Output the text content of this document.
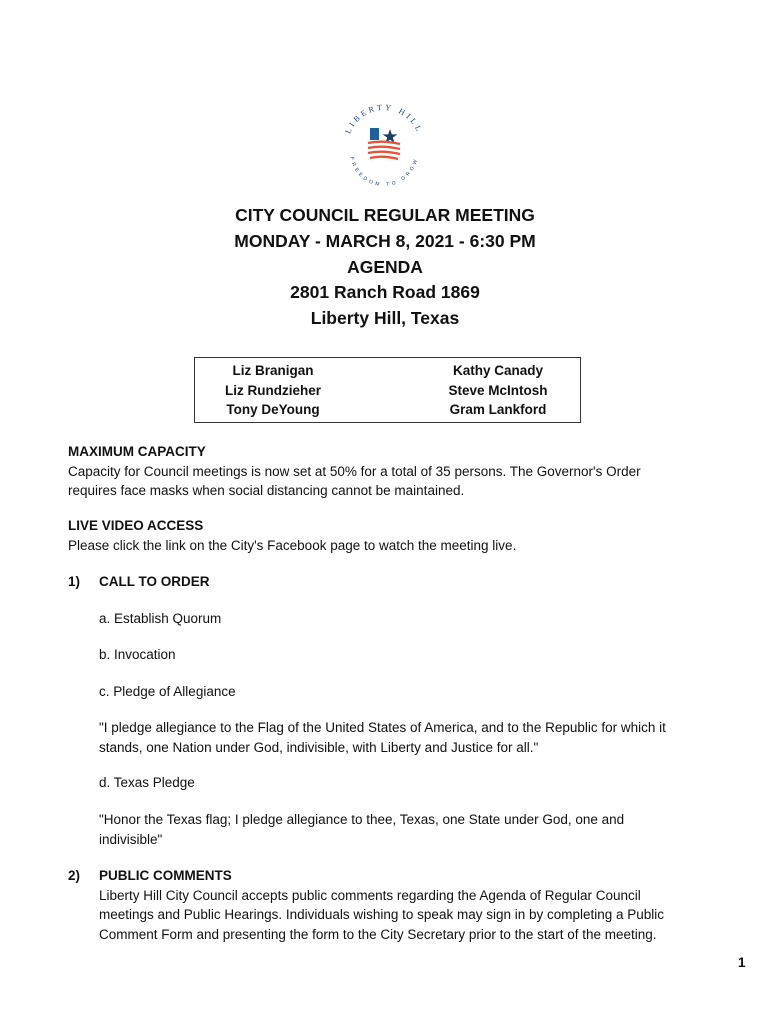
LIBERTY HILL
FREEDOM TO GROW
CITY COUNCIL REGULAR MEETING
MONDAY - MARCH 8, 2021 - 6:30 PM
AGENDA
2801 Ranch Road 1869
Liberty Hill, Texas
Liz Branigan
Liz Rundzieher
Tony DeYoung
Kathy Canady
Steve McIntosh
Gram Lankford
MAXIMUM CAPACITY
Capacity for Council meetings is now set at 50% for a total of 35 persons. The Governor's Order
requires face masks when social distancing cannot be maintained.
LIVE VIDEO ACCESS
Please click the link on the City's Facebook page to watch the meeting live.
1) CALL TO ORDER
a. Establish Quorum
b. Invocation
c. Pledge of Allegiance
"I pledge allegiance to the Flag of the United States of America, and to the Republic for which it
stands, one Nation under God, indivisible, with Liberty and Justice for all."
d. Texas Pledge
"Honor the Texas flag; I pledge allegiance to thee, Texas, one State under God, one and
indivisible"
2) PUBLIC COMMENTS
Liberty Hill City Council accepts public comments regarding the Agenda of Regular Council
meetings and Public Hearings. Individuals wishing to speak may sign in by completing a Public
Comment Form and presenting the form to the City Secretary prior to the start of the meeting.
1
